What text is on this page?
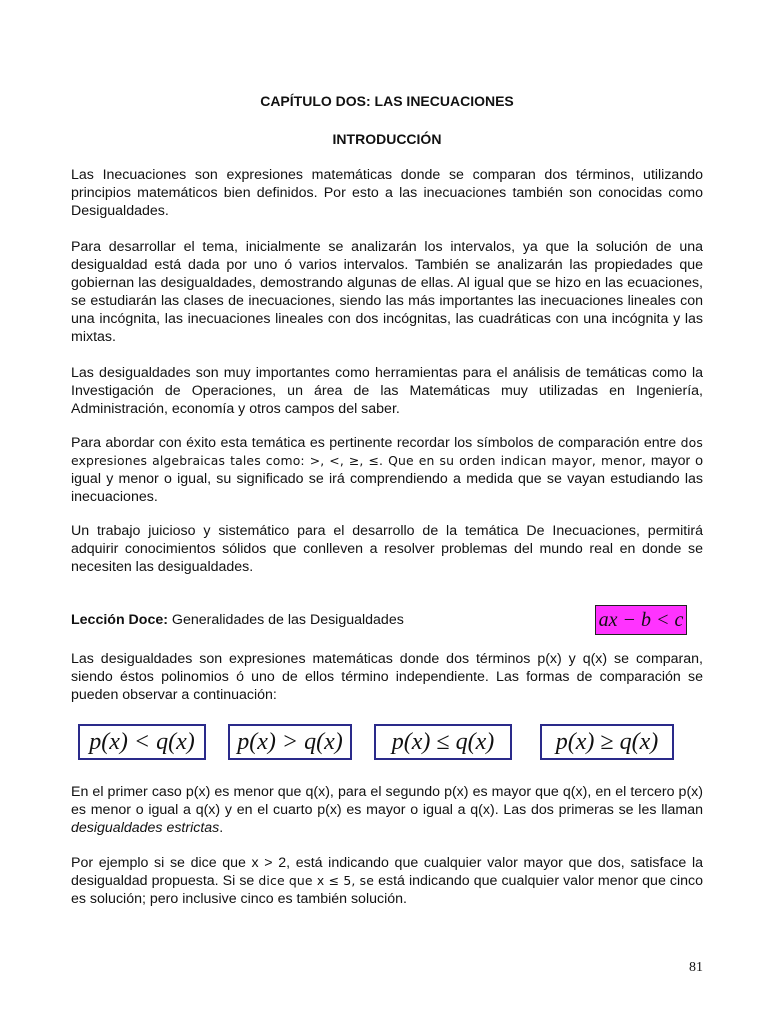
CAPÍTULO DOS: LAS INECUACIONES
INTRODUCCIÓN
Las Inecuaciones son expresiones matemáticas donde se comparan dos términos, utilizando principios matemáticos bien definidos. Por esto a las inecuaciones también son conocidas como Desigualdades.
Para desarrollar el tema, inicialmente se analizarán los intervalos, ya que la solución de una desigualdad está dada por uno ó varios intervalos. También se analizarán las propiedades que gobiernan las desigualdades, demostrando algunas de ellas. Al igual que se hizo en las ecuaciones, se estudiarán las clases de inecuaciones, siendo las más importantes las inecuaciones lineales con una incógnita, las inecuaciones lineales con dos incógnitas, las cuadráticas con una incógnita y las mixtas.
Las desigualdades son muy importantes como herramientas para el análisis de temáticas como la Investigación de Operaciones, un área de las Matemáticas muy utilizadas en Ingeniería, Administración, economía y otros campos del saber.
Para abordar con éxito esta temática es pertinente recordar los símbolos de comparación entre dos expresiones algebraicas tales como: >, <, ≥, ≤. Que en su orden indican mayor, menor, mayor o igual y menor o igual, su significado se irá comprendiendo a medida que se vayan estudiando las inecuaciones.
Un trabajo juicioso y sistemático para el desarrollo de la temática De Inecuaciones, permitirá adquirir conocimientos sólidos que conlleven a resolver problemas del mundo real en donde se necesiten las desigualdades.
Lección Doce: Generalidades de las Desigualdades	ax − b < c
Las desigualdades son expresiones matemáticas donde dos términos p(x) y q(x) se comparan, siendo éstos polinomios ó uno de ellos término independiente. Las formas de comparación se pueden observar a continuación:
p(x) < q(x)	p(x) > q(x)	p(x) ≤ q(x)	p(x) ≥ q(x)
En el primer caso p(x) es menor que q(x), para el segundo p(x) es mayor que q(x), en el tercero p(x) es menor o igual a q(x) y en el cuarto p(x) es mayor o igual a q(x). Las dos primeras se les llaman desigualdades estrictas.
Por ejemplo si se dice que x > 2, está indicando que cualquier valor mayor que dos, satisface la desigualdad propuesta. Si se dice que x ≤ 5, se está indicando que cualquier valor menor que cinco es solución; pero inclusive cinco es también solución.
81
